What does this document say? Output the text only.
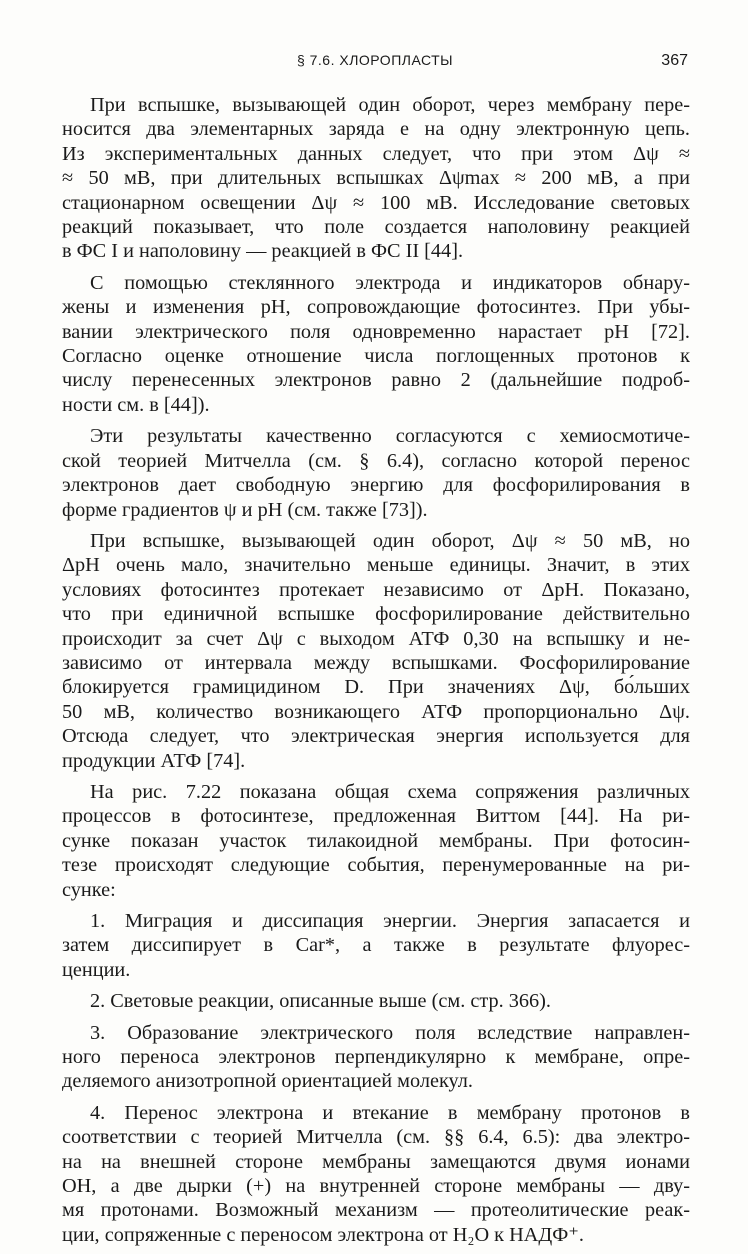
§ 7.6. ХЛОРОПЛАСТЫ	367

При вспышке, вызывающей один оборот, через мембрану пере-
носится два элементарных заряда е на одну электронную цепь.
Из экспериментальных данных следует, что при этом Δψ ≈
≈ 50 мВ, при длительных вспышках Δψmax ≈ 200 мВ, а при
стационарном освещении Δψ ≈ 100 мВ. Исследование световых
реакций показывает, что поле создается наполовину реакцией
в ФС I и наполовину — реакцией в ФС II [44].

С помощью стеклянного электрода и индикаторов обнару-
жены и изменения pH, сопровождающие фотосинтез. При убы-
вании электрического поля одновременно нарастает pH [72].
Согласно оценке отношение числа поглощенных протонов к
числу перенесенных электронов равно 2 (дальнейшие подроб-
ности см. в [44]).

Эти результаты качественно согласуются с хемиосмотиче-
ской теорией Митчелла (см. § 6.4), согласно которой перенос
электронов дает свободную энергию для фосфорилирования в
форме градиентов ψ и pH (см. также [73]).

При вспышке, вызывающей один оборот, Δψ ≈ 50 мВ, но
ΔpH очень мало, значительно меньше единицы. Значит, в этих
условиях фотосинтез протекает независимо от ΔpH. Показано,
что при единичной вспышке фосфорилирование действительно
происходит за счет Δψ с выходом АТФ 0,30 на вспышку и не-
зависимо от интервала между вспышками. Фосфорилирование
блокируется грамицидином D. При значениях Δψ, бо́льших
50 мВ, количество возникающего АТФ пропорционально Δψ.
Отсюда следует, что электрическая энергия используется для
продукции АТФ [74].

На рис. 7.22 показана общая схема сопряжения различных
процессов в фотосинтезе, предложенная Виттом [44]. На ри-
сунке показан участок тилакоидной мембраны. При фотосин-
тезе происходят следующие события, перенумерованные на ри-
сунке:

1. Миграция и диссипация энергии. Энергия запасается и
затем диссипирует в Car*, а также в результате флуорес-
ценции.

2. Световые реакции, описанные выше (см. стр. 366).

3. Образование электрического поля вследствие направлен-
ного переноса электронов перпендикулярно к мембране, опре-
деляемого анизотропной ориентацией молекул.

4. Перенос электрона и втекание в мембрану протонов в
соответствии с теорией Митчелла (см. §§ 6.4, 6.5): два электро-
на на внешней стороне мембраны замещаются двумя ионами
OH, а две дырки (+) на внутренней стороне мембраны — дву-
мя протонами. Возможный механизм — протеолитические реак-
ции, сопряженные с переносом электрона от H₂O к НАДФ⁺.
